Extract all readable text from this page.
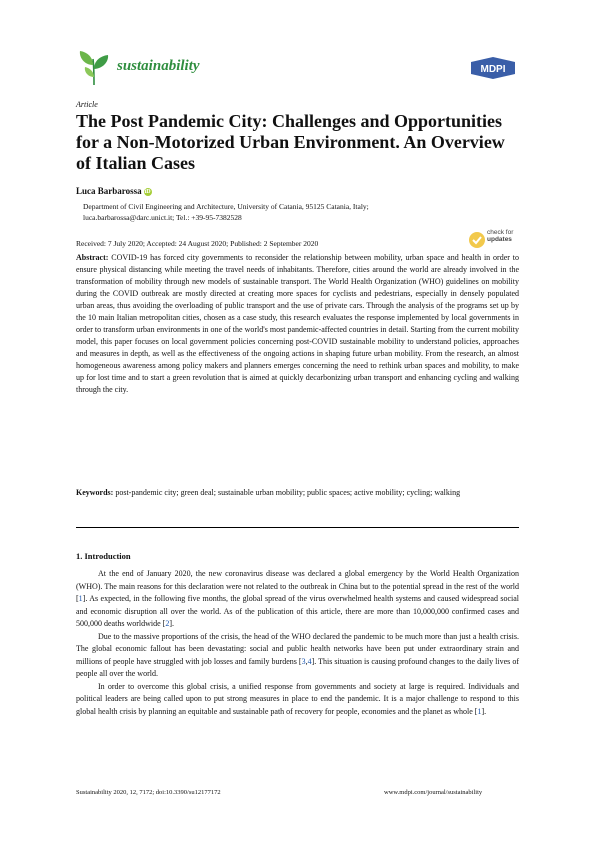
sustainability	MDPI
Article
The Post Pandemic City: Challenges and Opportunities for a Non-Motorized Urban Environment. An Overview of Italian Cases
Luca Barbarossa iD
Department of Civil Engineering and Architecture, University of Catania, 95125 Catania, Italy;
luca.barbarossa@darc.unict.it; Tel.: +39-95-7382528
Received: 7 July 2020; Accepted: 24 August 2020; Published: 2 September 2020
check for
updates
Abstract: COVID-19 has forced city governments to reconsider the relationship between mobility, urban space and health in order to ensure physical distancing while meeting the travel needs of inhabitants. Therefore, cities around the world are already involved in the transformation of mobility through new models of sustainable transport. The World Health Organization (WHO) guidelines on mobility during the COVID outbreak are mostly directed at creating more spaces for cyclists and pedestrians, especially in densely populated urban areas, thus avoiding the overloading of public transport and the use of private cars. Through the analysis of the programs set up by the 10 main Italian metropolitan cities, chosen as a case study, this research evaluates the response implemented by local governments in order to transform urban environments in one of the world's most pandemic-affected countries in detail. Starting from the current mobility model, this paper focuses on local government policies concerning post-COVID sustainable mobility to understand policies, approaches and measures in depth, as well as the effectiveness of the ongoing actions in shaping future urban mobility. From the research, an almost homogeneous awareness among policy makers and planners emerges concerning the need to rethink urban spaces and mobility, to make up for lost time and to start a green revolution that is aimed at quickly decarbonizing urban transport and enhancing cycling and walking through the city.
Keywords: post-pandemic city; green deal; sustainable urban mobility; public spaces; active mobility; cycling; walking
1. Introduction

At the end of January 2020, the new coronavirus disease was declared a global emergency by the World Health Organization (WHO). The main reasons for this declaration were not related to the outbreak in China but to the potential spread in the rest of the world [1]. As expected, in the following five months, the global spread of the virus overwhelmed health systems and caused widespread social and economic disruption all over the world. As of the publication of this article, there are more than 10,000,000 confirmed cases and 500,000 deaths worldwide [2].

Due to the massive proportions of the crisis, the head of the WHO declared the pandemic to be much more than just a health crisis. The global economic fallout has been devastating: social and public health networks have been put under extraordinary strain and millions of people have struggled with job losses and family burdens [3,4]. This situation is causing profound changes to the daily lives of people all over the world.

In order to overcome this global crisis, a unified response from governments and society at large is required. Individuals and political leaders are being called upon to put strong measures in place to end the pandemic. It is a major challenge to respond to this global health crisis by planning an equitable and sustainable path of recovery for people, economies and the planet as whole [1].

Sustainability 2020, 12, 7172; doi:10.3390/su12177172	www.mdpi.com/journal/sustainability
